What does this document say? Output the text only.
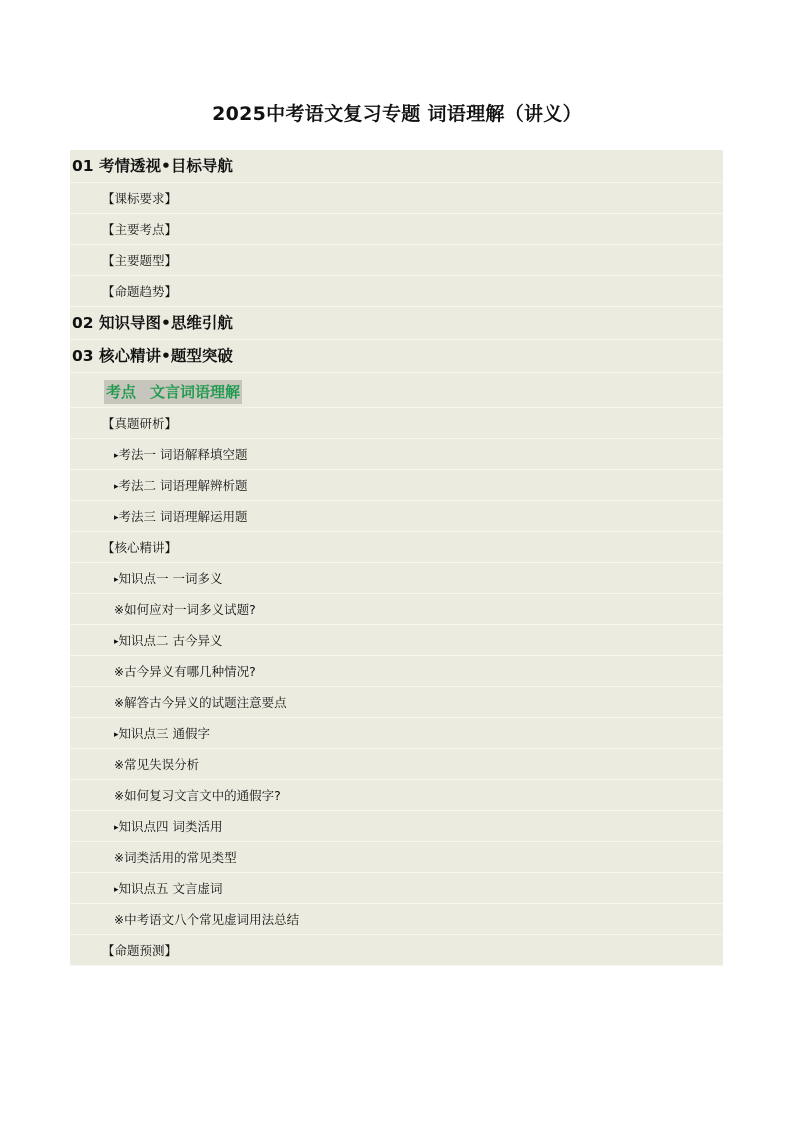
2025中考语文复习专题 词语理解（讲义）
01 考情透视•目标导航
【课标要求】
【主要考点】
【主要题型】
【命题趋势】
02 知识导图•思维引航
03 核心精讲•题型突破
考点 文言词语理解
【真题研析】
▸考法一 词语解释填空题
▸考法二 词语理解辨析题
▸考法三 词语理解运用题
【核心精讲】
▸知识点一 一词多义
※如何应对一词多义试题?
▸知识点二 古今异义
※古今异义有哪几种情况?
※解答古今异义的试题注意要点
▸知识点三 通假字
※常见失误分析
※如何复习文言文中的通假字?
▸知识点四 词类活用
※词类活用的常见类型
▸知识点五 文言虚词
※中考语文八个常见虚词用法总结
【命题预测】
